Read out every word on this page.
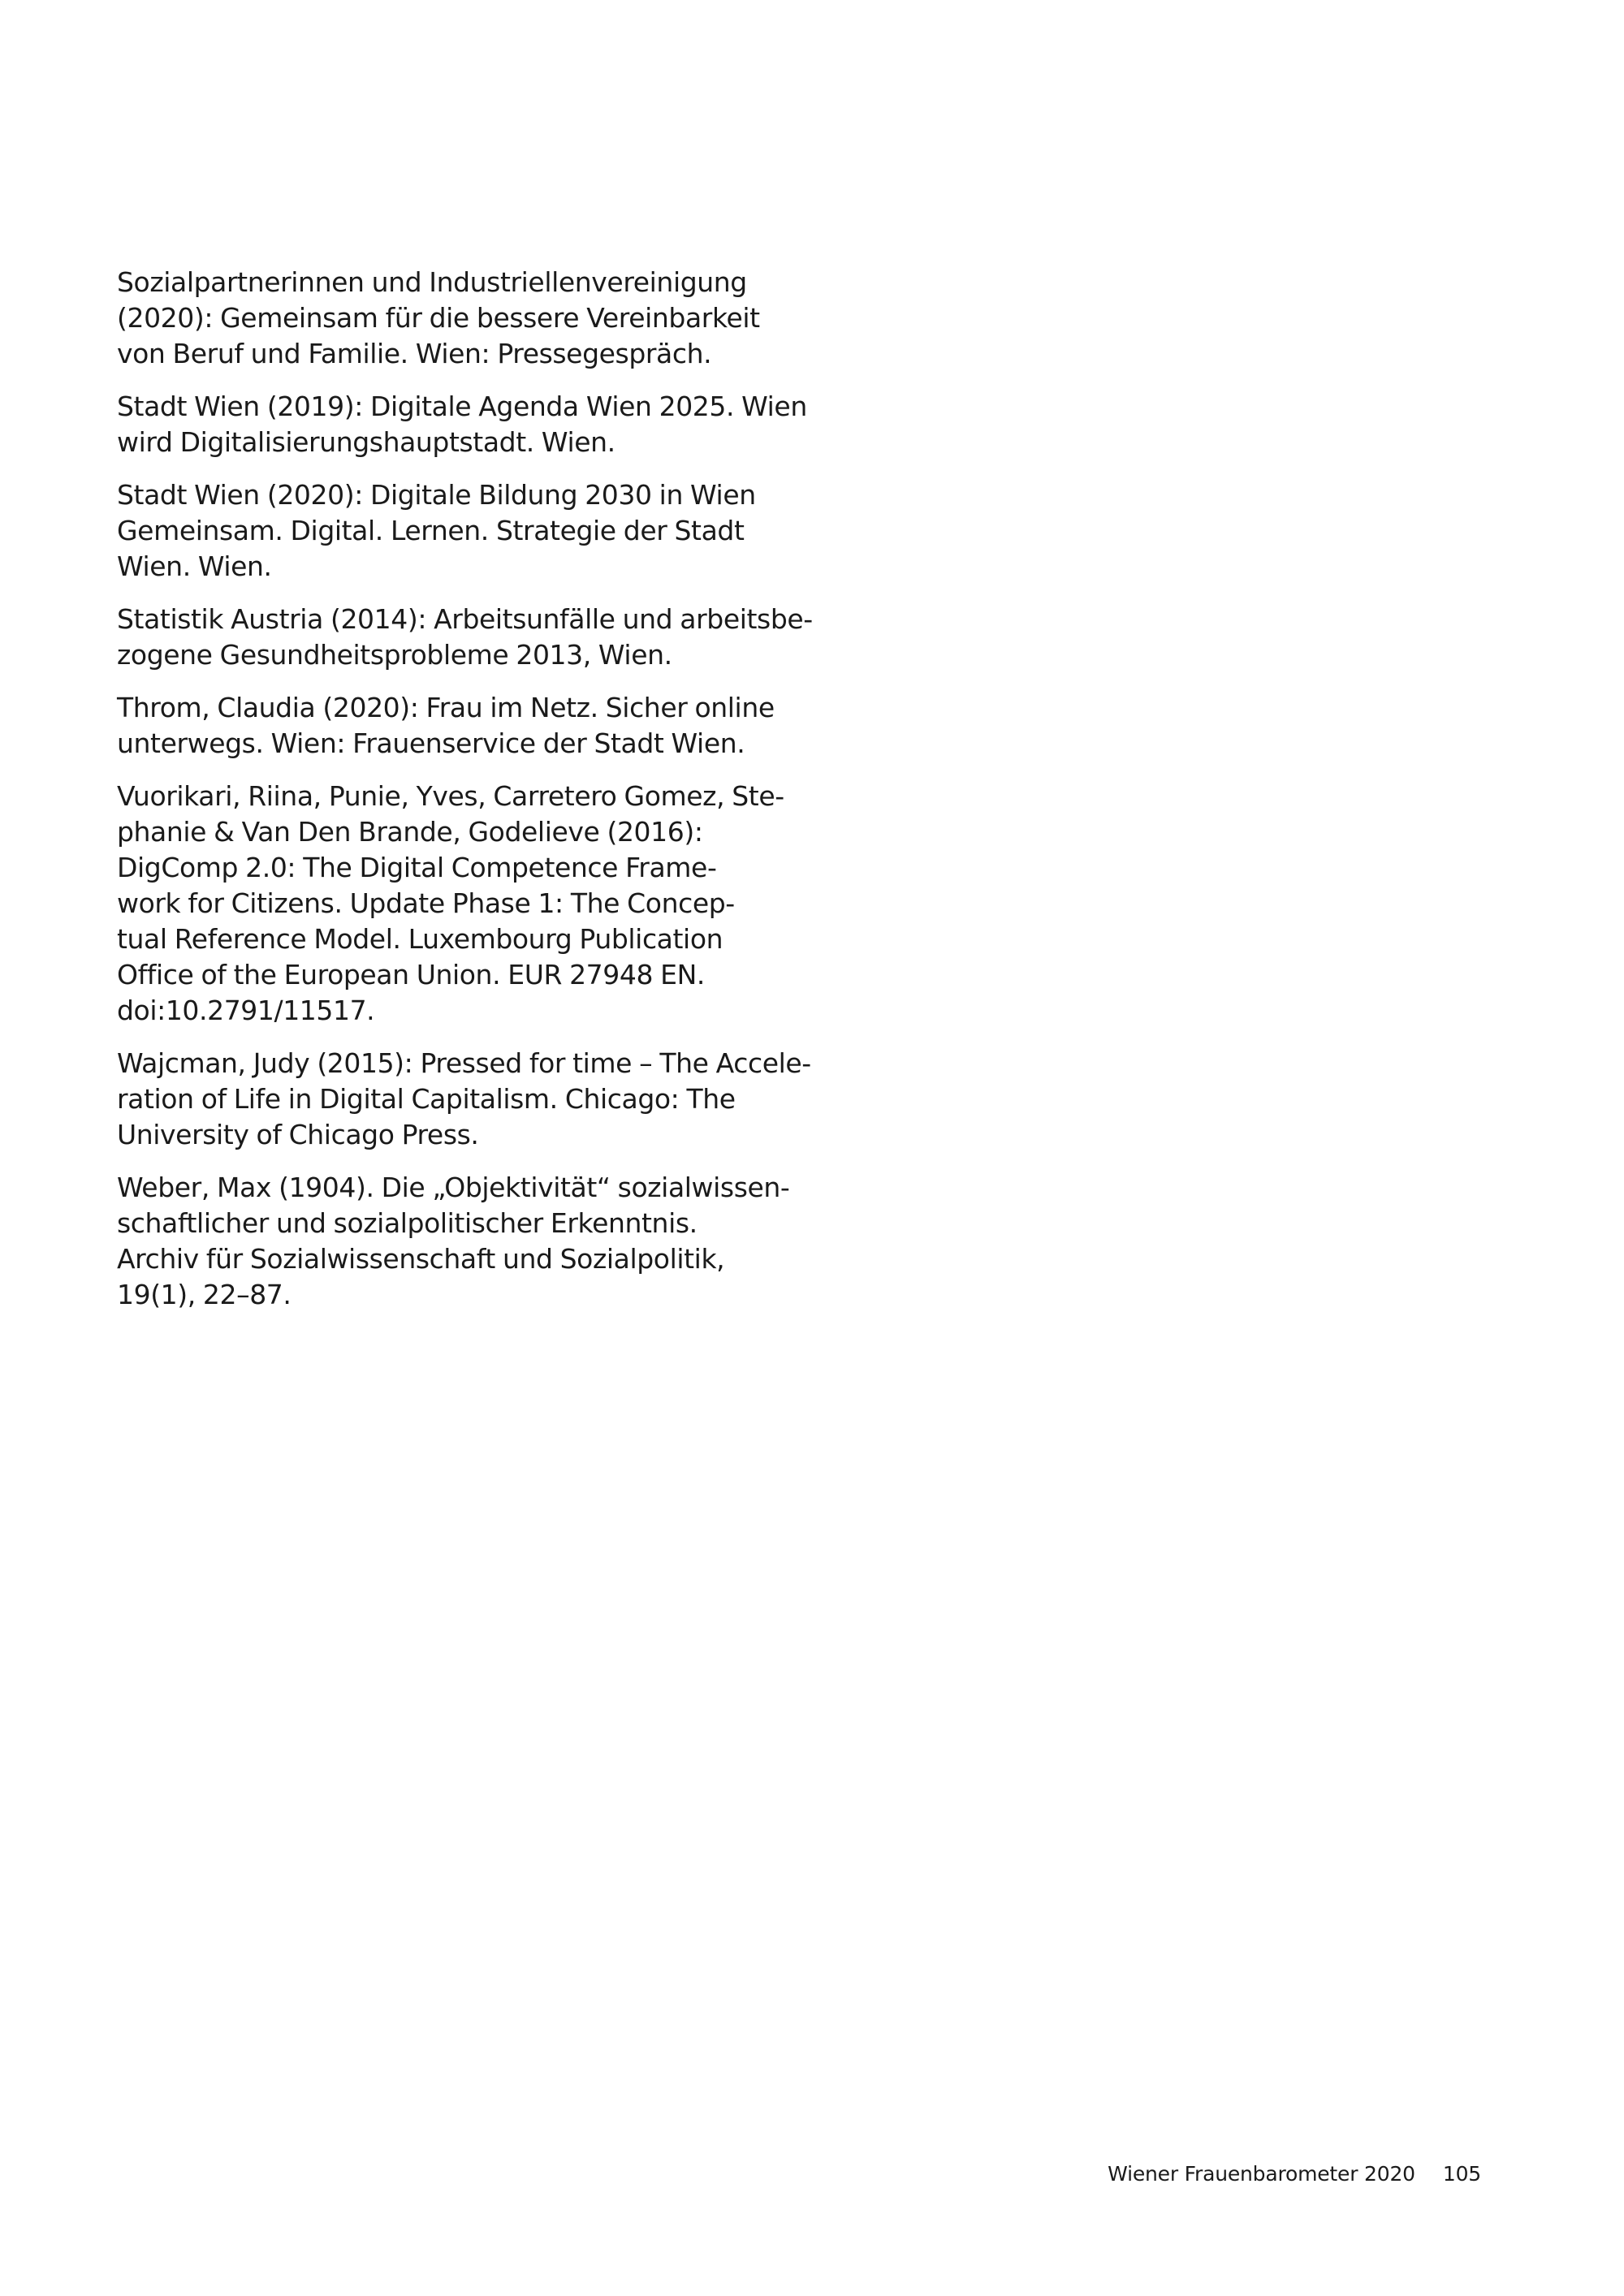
Sozialpartnerinnen und Industriellenvereinigung
(2020): Gemeinsam für die bessere Vereinbarkeit
von Beruf und Familie. Wien: Pressegespräch.
Stadt Wien (2019): Digitale Agenda Wien 2025. Wien
wird Digitalisierungshauptstadt. Wien.
Stadt Wien (2020): Digitale Bildung 2030 in Wien
Gemeinsam. Digital. Lernen. Strategie der Stadt
Wien. Wien.
Statistik Austria (2014): Arbeitsunfälle und arbeitsbe-
zogene Gesundheitsprobleme 2013, Wien.
Throm, Claudia (2020): Frau im Netz. Sicher online
unterwegs. Wien: Frauenservice der Stadt Wien.
Vuorikari, Riina, Punie, Yves, Carretero Gomez, Ste-
phanie & Van Den Brande, Godelieve (2016):
DigComp 2.0: The Digital Competence Frame-
work for Citizens. Update Phase 1: The Concep-
tual Reference Model. Luxembourg Publication
Office of the European Union. EUR 27948 EN.
doi:10.2791/11517.
Wajcman, Judy (2015): Pressed for time – The Accele-
ration of Life in Digital Capitalism. Chicago: The
University of Chicago Press.
Weber, Max (1904). Die „Objektivität“ sozialwissen-
schaftlicher und sozialpolitischer Erkenntnis.
Archiv für Sozialwissenschaft und Sozialpolitik,
19(1), 22–87.
Wiener Frauenbarometer 2020 105
